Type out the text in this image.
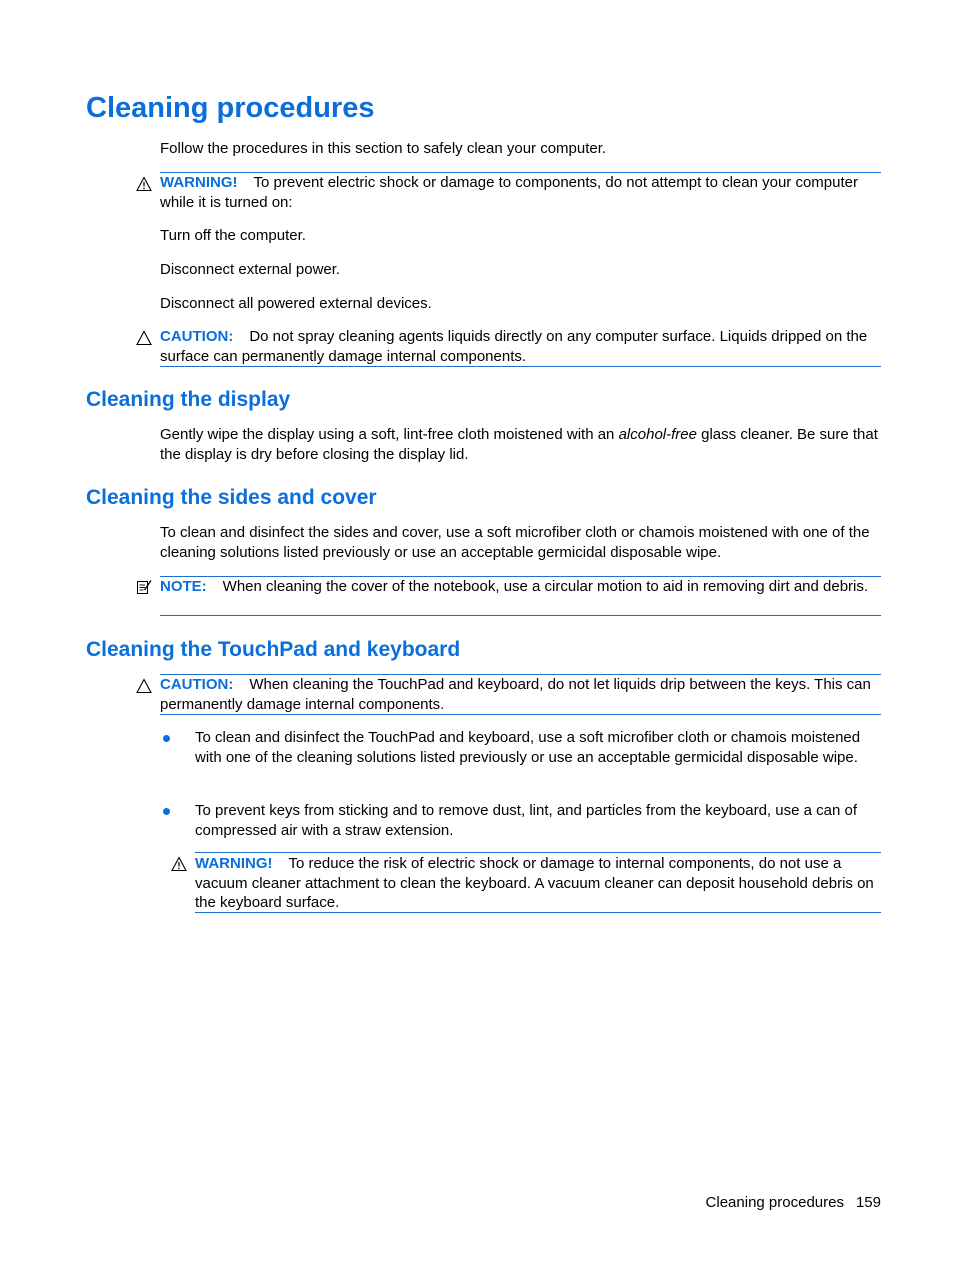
Cleaning procedures

Follow the procedures in this section to safely clean your computer.

WARNING! To prevent electric shock or damage to components, do not attempt to clean your computer while it is turned on:

Turn off the computer.

Disconnect external power.

Disconnect all powered external devices.

CAUTION: Do not spray cleaning agents liquids directly on any computer surface. Liquids dripped on the surface can permanently damage internal components.

Cleaning the display

Gently wipe the display using a soft, lint-free cloth moistened with an alcohol-free glass cleaner. Be sure that the display is dry before closing the display lid.

Cleaning the sides and cover

To clean and disinfect the sides and cover, use a soft microfiber cloth or chamois moistened with one of the cleaning solutions listed previously or use an acceptable germicidal disposable wipe.

NOTE: When cleaning the cover of the notebook, use a circular motion to aid in removing dirt and debris.

Cleaning the TouchPad and keyboard

CAUTION: When cleaning the TouchPad and keyboard, do not let liquids drip between the keys. This can permanently damage internal components.

To clean and disinfect the TouchPad and keyboard, use a soft microfiber cloth or chamois moistened with one of the cleaning solutions listed previously or use an acceptable germicidal disposable wipe.

To prevent keys from sticking and to remove dust, lint, and particles from the keyboard, use a can of compressed air with a straw extension.

WARNING! To reduce the risk of electric shock or damage to internal components, do not use a vacuum cleaner attachment to clean the keyboard. A vacuum cleaner can deposit household debris on the keyboard surface.

Cleaning procedures 159
